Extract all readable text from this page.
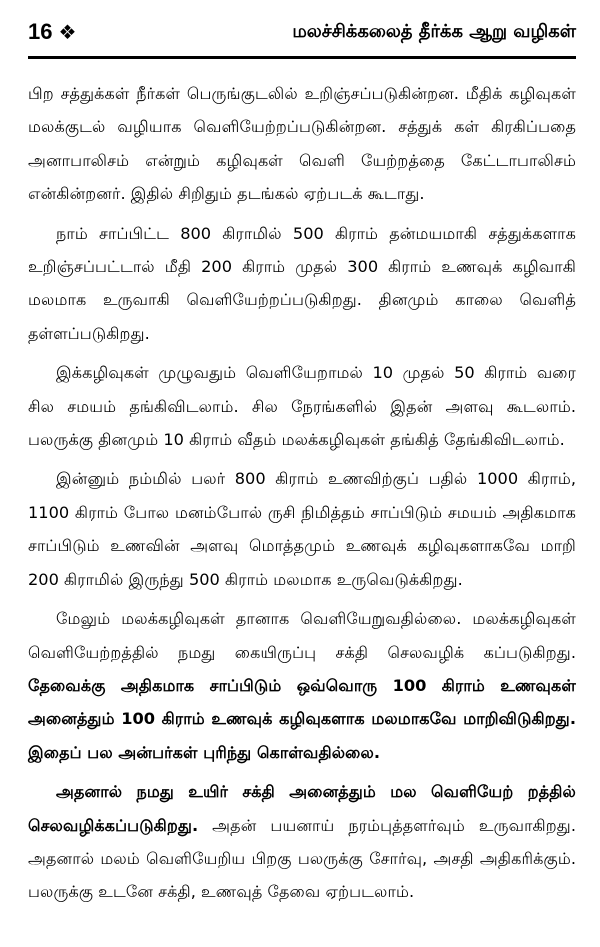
16 ❖	மலச்சிக்கலைத் தீர்க்க ஆறு வழிகள்

பிற சத்துக்கள் நீர்கள் பெருங்குடலில் உறிஞ்சப்படுகின்றன. மீதிக் கழிவுகள் மலக்குடல் வழியாக வெளியேற்றப்படுகின்றன. சத்துக் கள் கிரகிப்பதை அனாபாலிசம் என்றும் கழிவுகள் வெளி யேற்றத்தை கேட்டாபாலிசம் என்கின்றனர். இதில் சிறிதும் தடங்கல் ஏற்படக் கூடாது.

நாம் சாப்பிட்ட 800 கிராமில் 500 கிராம் தன்மயமாகி சத்துக்களாக உறிஞ்சப்பட்டால் மீதி 200 கிராம் முதல் 300 கிராம் உணவுக் கழிவாகி மலமாக உருவாகி வெளியேற்றப்படுகிறது. தினமும் காலை வெளித் தள்ளப்படுகிறது.

இக்கழிவுகள் முழுவதும் வெளியேறாமல் 10 முதல் 50 கிராம் வரை சில சமயம் தங்கிவிடலாம். சில நேரங்களில் இதன் அளவு கூடலாம். பலருக்கு தினமும் 10 கிராம் வீதம் மலக்கழிவுகள் தங்கித் தேங்கிவிடலாம்.

இன்னும் நம்மில் பலர் 800 கிராம் உணவிற்குப் பதில் 1000 கிராம், 1100 கிராம் போல மனம்போல் ருசி நிமித்தம் சாப்பிடும் சமயம் அதிகமாக சாப்பிடும் உணவின் அளவு மொத்தமும் உணவுக் கழிவுகளாகவே மாறி 200 கிராமில் இருந்து 500 கிராம் மலமாக உருவெடுக்கிறது.

மேலும் மலக்கழிவுகள் தானாக வெளியேறுவதில்லை. மலக்கழிவுகள் வெளியேற்றத்தில் நமது கையிருப்பு சக்தி செலவழிக் கப்படுகிறது. தேவைக்கு அதிகமாக சாப்பிடும் ஒவ்வொரு 100 கிராம் உணவுகள் அனைத்தும் 100 கிராம் உணவுக் கழிவுகளாக மலமாகவே மாறிவிடுகிறது. இதைப் பல அன்பர்கள் புரிந்து கொள்வதில்லை.

அதனால் நமது உயிர் சக்தி அனைத்தும் மல வெளியேற் றத்தில் செலவழிக்கப்படுகிறது. அதன் பயனாய் நரம்புத்தளர்வும் உருவாகிறது. அதனால் மலம் வெளியேறிய பிறகு பலருக்கு சோர்வு, அசதி அதிகரிக்கும். பலருக்கு உடனே சக்தி, உணவுத் தேவை ஏற்படலாம்.
